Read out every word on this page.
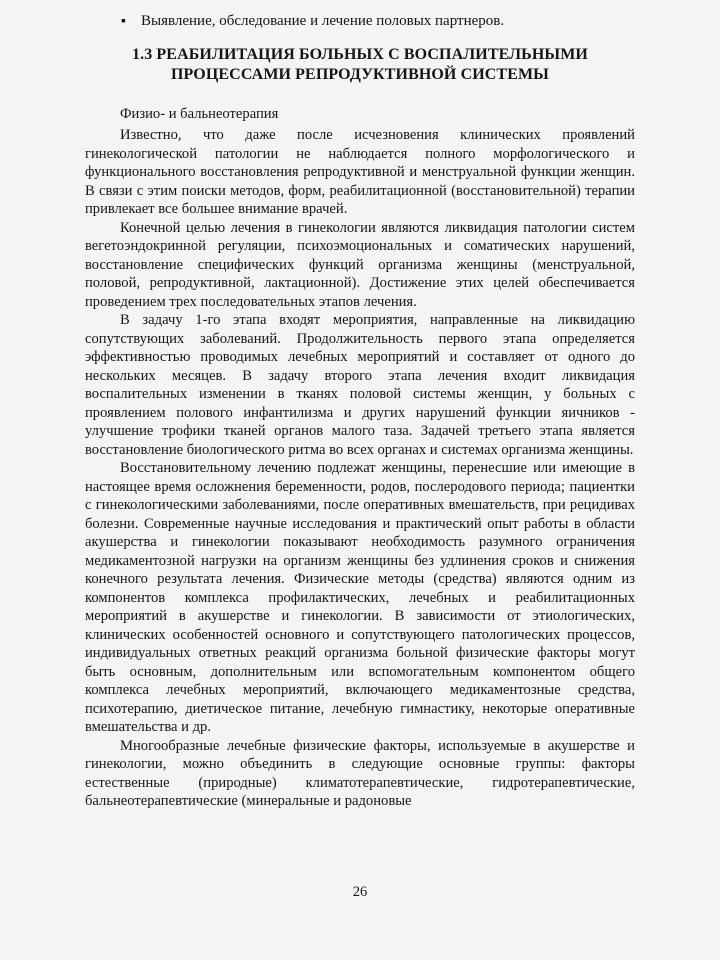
▪ Выявление, обследование и лечение половых партнеров.
1.3 РЕАБИЛИТАЦИЯ БОЛЬНЫХ С ВОСПАЛИТЕЛЬНЫМИ
ПРОЦЕССАМИ РЕПРОДУКТИВНОЙ СИСТЕМЫ

Физио- и бальнеотерапия

Известно, что даже после исчезновения клинических проявлений гинекологической патологии не наблюдается полного морфологического и функционального восстановления репродуктивной и менструальной функции женщин. В связи с этим поиски методов, форм, реабилитационной (восстановительной) терапии привлекает все большее внимание врачей.

Конечной целью лечения в гинекологии являются ликвидация патологии систем вегетоэндокринной регуляции, психоэмоциональных и соматических нарушений, восстановление специфических функций организма женщины (менструальной, половой, репродуктивной, лактационной). Достижение этих целей обеспечивается проведением трех последовательных этапов лечения.

В задачу 1-го этапа входят мероприятия, направленные на ликвидацию сопутствующих заболеваний. Продолжительность первого этапа определяется эффективностью проводимых лечебных мероприятий и составляет от одного до нескольких месяцев. В задачу второго этапа лечения входит ликвидация воспалительных изменении в тканях половой системы женщин, у больных с проявлением полового инфантилизма и других нарушений функции яичников - улучшение трофики тканей органов малого таза. Задачей третьего этапа является восстановление биологического ритма во всех органах и системах организма женщины.

Восстановительному лечению подлежат женщины, перенесшие или имеющие в настоящее время осложнения беременности, родов, послеродового периода; пациентки с гинекологическими заболеваниями, после оперативных вмешательств, при рецидивах болезни. Современные научные исследования и практический опыт работы в области акушерства и гинекологии показывают необходимость разумного ограничения медикаментозной нагрузки на организм женщины без удлинения сроков и снижения конечного результата лечения. Физические методы (средства) являются одним из компонентов комплекса профилактических, лечебных и реабилитационных мероприятий в акушерстве и гинекологии. В зависимости от этиологических, клинических особенностей основного и сопутствующего патологических процессов, индивидуальных ответных реакций организма больной физические факторы могут быть основным, дополнительным или вспомогательным компонентом общего комплекса лечебных мероприятий, включающего медикаментозные средства, психотерапию, диетическое питание, лечебную гимнастику, некоторые оперативные вмешательства и др.

Многообразные лечебные физические факторы, используемые в акушерстве и гинекологии, можно объединить в следующие основные группы: факторы естественные (природные) климатотерапевтические, гидротерапевтические, бальнеотерапевтические (минеральные и радоновые

26
